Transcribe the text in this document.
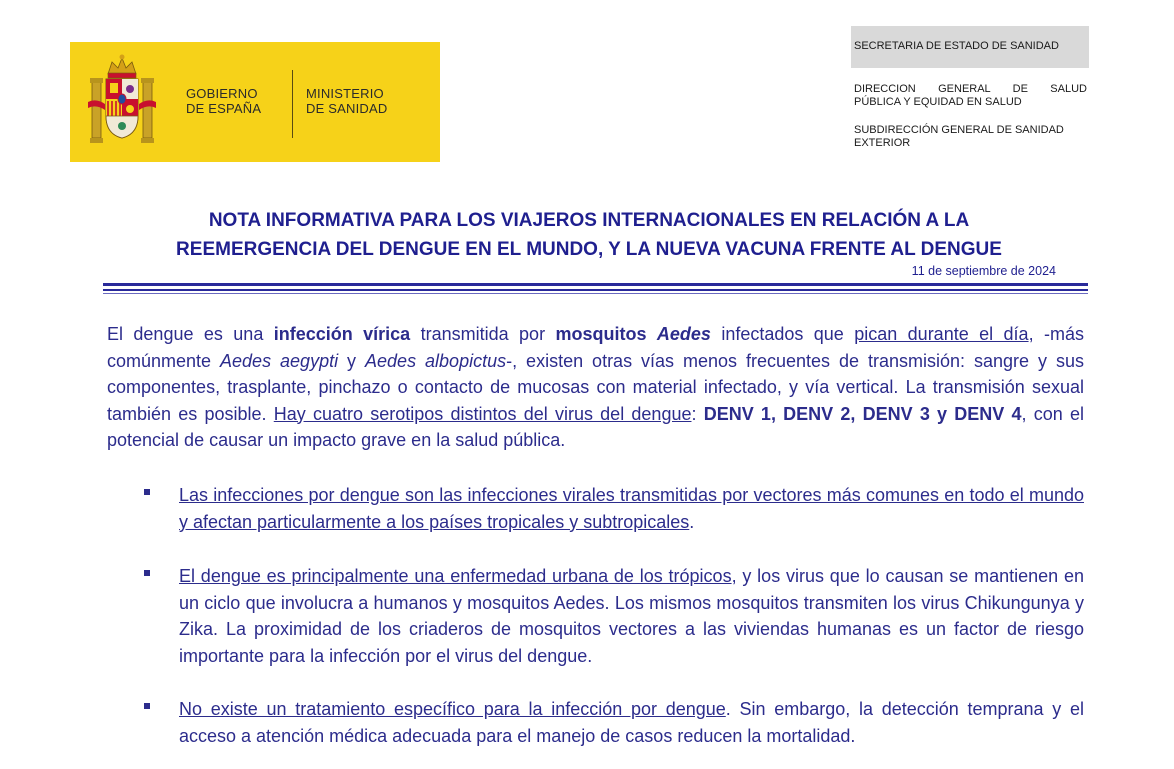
GOBIERNO
DE ESPAÑA
MINISTERIO
DE SANIDAD
SECRETARIA DE ESTADO DE SANIDAD
DIRECCION GENERAL DE SALUD
PÚBLICA Y EQUIDAD EN SALUD
SUBDIRECCIÓN GENERAL DE SANIDAD
EXTERIOR
NOTA INFORMATIVA PARA LOS VIAJEROS INTERNACIONALES EN RELACIÓN A LA
REEMERGENCIA DEL DENGUE EN EL MUNDO, Y LA NUEVA VACUNA FRENTE AL DENGUE
11 de septiembre de 2024

El dengue es una infección vírica transmitida por mosquitos Aedes infectados que pican durante el día, -más comúnmente Aedes aegypti y Aedes albopictus-, existen otras vías menos frecuentes de transmisión: sangre y sus componentes, trasplante, pinchazo o contacto de mucosas con material infectado, y vía vertical. La transmisión sexual también es posible. Hay cuatro serotipos distintos del virus del dengue: DENV 1, DENV 2, DENV 3 y DENV 4, con el potencial de causar un impacto grave en la salud pública.

Las infecciones por dengue son las infecciones virales transmitidas por vectores más comunes en todo el mundo y afectan particularmente a los países tropicales y subtropicales.

El dengue es principalmente una enfermedad urbana de los trópicos, y los virus que lo causan se mantienen en un ciclo que involucra a humanos y mosquitos Aedes. Los mismos mosquitos transmiten los virus Chikungunya y Zika. La proximidad de los criaderos de mosquitos vectores a las viviendas humanas es un factor de riesgo importante para la infección por el virus del dengue.

No existe un tratamiento específico para la infección por dengue. Sin embargo, la detección temprana y el acceso a atención médica adecuada para el manejo de casos reducen la mortalidad.
